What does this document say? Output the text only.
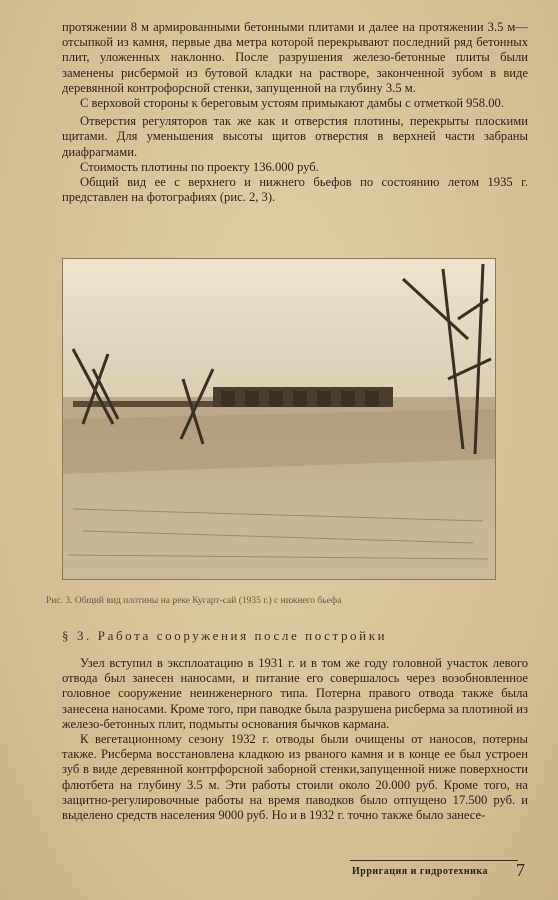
протяжении 8 м армированными бетонными плитами и далее на протяжении 3.5 м—отсыпкой из камня, первые два метра которой перекрывают последний ряд бетонных плит, уложенных наклонно. После разрушения железо-бетонные плиты были заменены рисбермой из бутовой кладки на растворе, законченной зубом в виде деревянной контрофорсной стенки, запущенной на глубину 3.5 м.

С верховой стороны к береговым устоям примыкают дамбы с отметкой 958.00.

Отверстия регуляторов так же как и отверстия плотины, перекрыты плоскими щитами. Для уменьшения высоты щитов отверстия в верхней части забраны диафрагмами.

Стоимость плотины по проекту 136.000 руб.

Общий вид ее с верхнего и нижнего бьефов по состоянию летом 1935 г. представлен на фотографиях (рис. 2, 3).

Рис. 3. Общий вид плотины на реке Кугарт-сай (1935 г.) с нижнего бьефа
§ 3. Работа сооружения после постройки

Узел вступил в эксплоатацию в 1931 г. и в том же году головной участок левого отвода был занесен наносами, и питание его совершалось через возобновленное головное сооружение неинженерного типа. Потерна правого отвода также была занесена наносами. Кроме того, при паводке была разрушена рисберма за плотиной из железо-бетонных плит, подмыты основания бычков кармана.

К вегетационному сезону 1932 г. отводы были очищены от наносов, потерны также. Рисберма восстановлена кладкою из рваного камня и в конце ее был устроен зуб в виде деревянной контрфорсной заборной стенки,запущенной ниже поверхности флютбета на глубину 3.5 м. Эти работы стоили около 20.000 руб. Кроме того, на защитно-регулировочные работы на время паводков было отпущено 17.500 руб. и выделено средств населения 9000 руб. Но и в 1932 г. точно также было занесе-

Ирригация и гидротехника 7
